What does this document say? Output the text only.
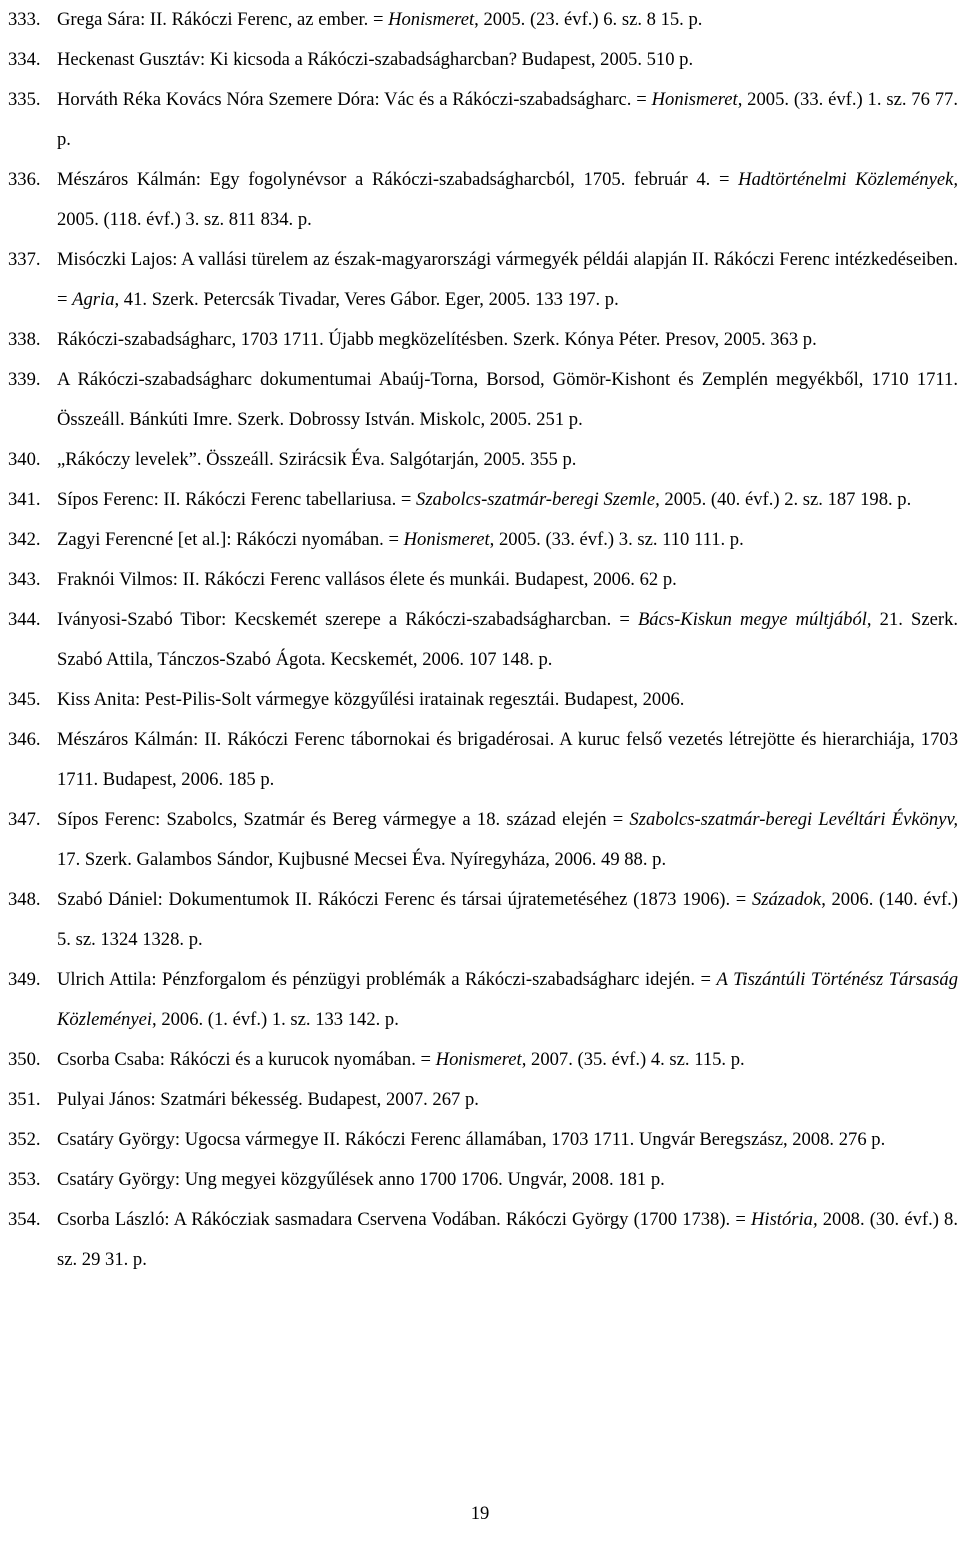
333. Grega Sára: II. Rákóczi Ferenc, az ember. = Honismeret, 2005. (23. évf.) 6. sz. 8 15. p.
334. Heckenast Gusztáv: Ki kicsoda a Rákóczi-szabadságharcban? Budapest, 2005. 510 p.
335. Horváth Réka Kovács Nóra Szemere Dóra: Vác és a Rákóczi-szabadságharc. = Honismeret, 2005. (33. évf.) 1. sz. 76 77. p.
336. Mészáros Kálmán: Egy fogolynévsor a Rákóczi-szabadságharcból, 1705. február 4. = Hadtörténelmi Közlemények, 2005. (118. évf.) 3. sz. 811 834. p.
337. Misóczki Lajos: A vallási türelem az észak-magyarországi vármegyék példái alapján II. Rákóczi Ferenc intézkedéseiben. = Agria, 41. Szerk. Petercsák Tivadar, Veres Gábor. Eger, 2005. 133 197. p.
338. Rákóczi-szabadságharc, 1703 1711. Újabb megközelítésben. Szerk. Kónya Péter. Presov, 2005. 363 p.
339. A Rákóczi-szabadságharc dokumentumai Abaúj-Torna, Borsod, Gömör-Kishont és Zemplén megyékből, 1710 1711. Összeáll. Bánkúti Imre. Szerk. Dobrossy István. Miskolc, 2005. 251 p.
340. „Rákóczy levelek”. Összeáll. Szirácsik Éva. Salgótarján, 2005. 355 p.
341. Sípos Ferenc: II. Rákóczi Ferenc tabellariusa. = Szabolcs-szatmár-beregi Szemle, 2005. (40. évf.) 2. sz. 187 198. p.
342. Zagyi Ferencné [et al.]: Rákóczi nyomában. = Honismeret, 2005. (33. évf.) 3. sz. 110 111. p.
343. Fraknói Vilmos: II. Rákóczi Ferenc vallásos élete és munkái. Budapest, 2006. 62 p.
344. Iványosi-Szabó Tibor: Kecskemét szerepe a Rákóczi-szabadságharcban. = Bács-Kiskun megye múltjából, 21. Szerk. Szabó Attila, Tánczos-Szabó Ágota. Kecskemét, 2006. 107 148. p.
345. Kiss Anita: Pest-Pilis-Solt vármegye közgyűlési iratainak regesztái. Budapest, 2006.
346. Mészáros Kálmán: II. Rákóczi Ferenc tábornokai és brigadérosai. A kuruc felső vezetés létrejötte és hierarchiája, 1703 1711. Budapest, 2006. 185 p.
347. Sípos Ferenc: Szabolcs, Szatmár és Bereg vármegye a 18. század elején = Szabolcs-szatmár-beregi Levéltári Évkönyv, 17. Szerk. Galambos Sándor, Kujbusné Mecsei Éva. Nyíregyháza, 2006. 49 88. p.
348. Szabó Dániel: Dokumentumok II. Rákóczi Ferenc és társai újratemetéséhez (1873 1906). = Századok, 2006. (140. évf.) 5. sz. 1324 1328. p.
349. Ulrich Attila: Pénzforgalom és pénzügyi problémák a Rákóczi-szabadságharc idején. = A Tiszántúli Történész Társaság Közleményei, 2006. (1. évf.) 1. sz. 133 142. p.
350. Csorba Csaba: Rákóczi és a kurucok nyomában. = Honismeret, 2007. (35. évf.) 4. sz. 115. p.
351. Pulyai János: Szatmári békesség. Budapest, 2007. 267 p.
352. Csatáry György: Ugocsa vármegye II. Rákóczi Ferenc államában, 1703 1711. Ungvár Beregszász, 2008. 276 p.
353. Csatáry György: Ung megyei közgyűlések anno 1700 1706. Ungvár, 2008. 181 p.
354. Csorba László: A Rákócziak sasmadara Cservena Vodában. Rákóczi György (1700 1738). = História, 2008. (30. évf.) 8. sz. 29 31. p.
19
